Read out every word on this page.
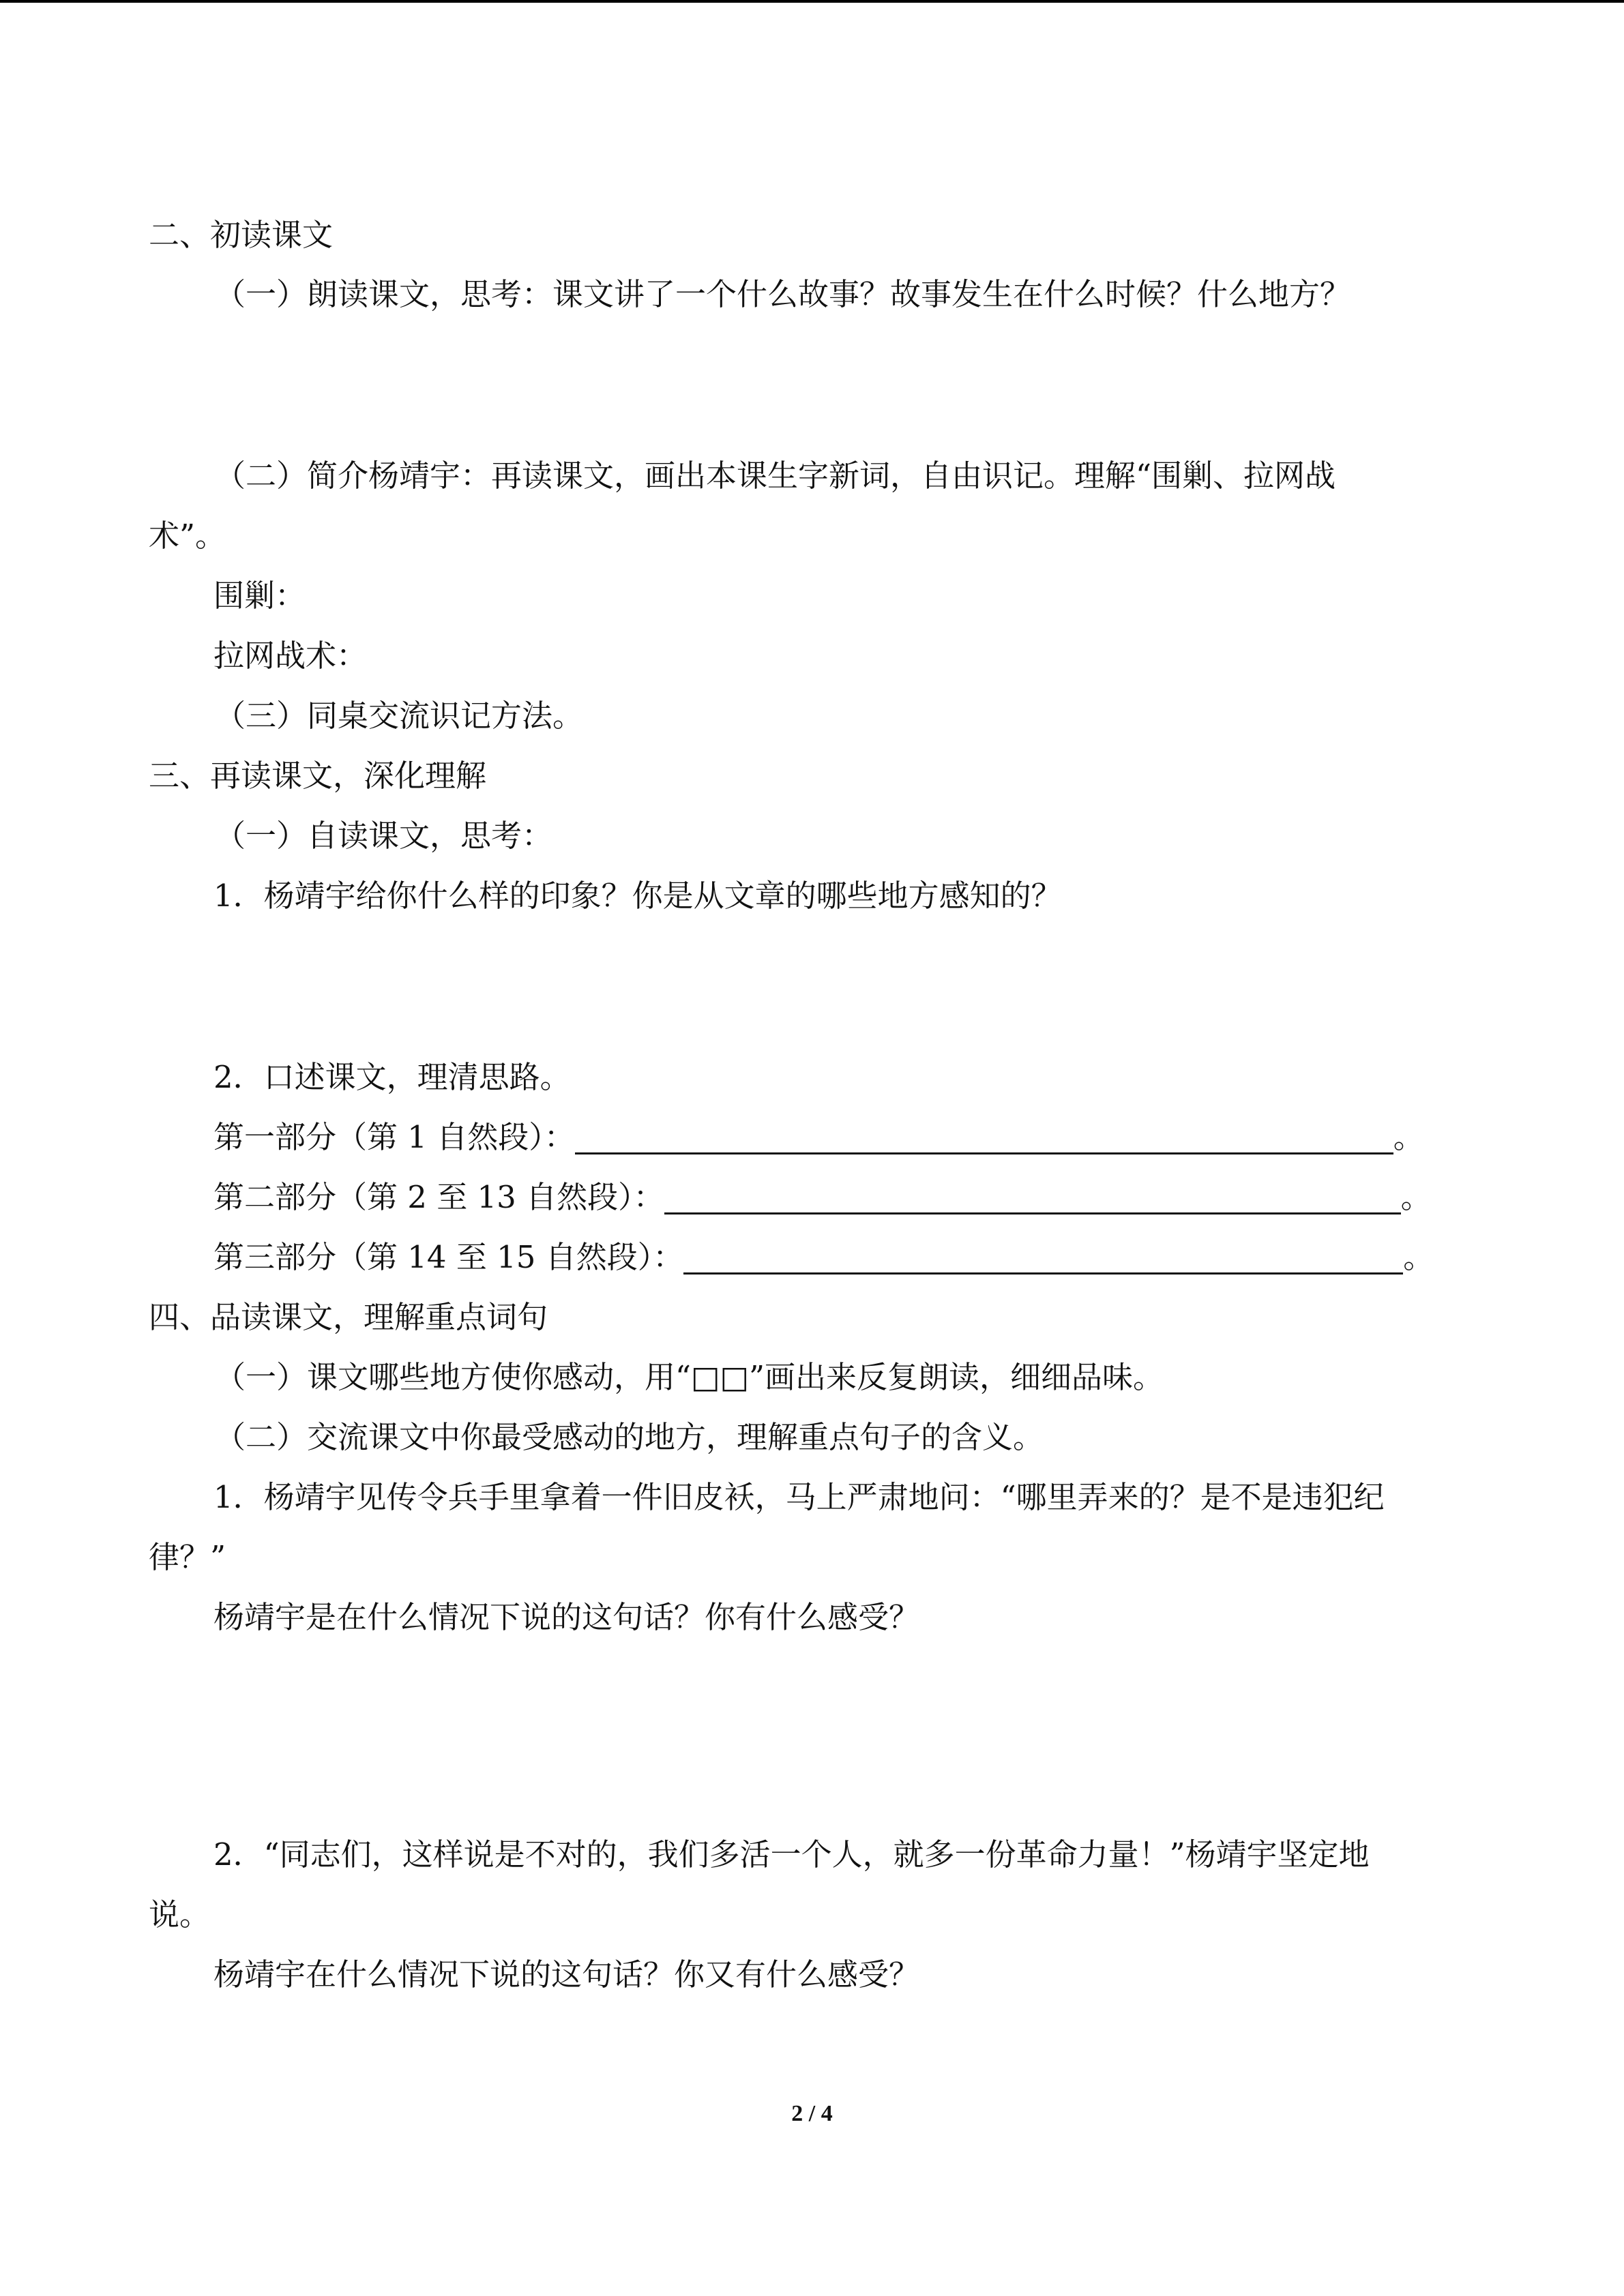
二、初读课文
（一）朗读课文，思考：课文讲了一个什么故事？故事发生在什么时候？什么地方？
（二）简介杨靖宇：再读课文，画出本课生字新词，自由识记。理解“围剿、拉网战
术”。
围剿：
拉网战术：
（三）同桌交流识记方法。
三、再读课文，深化理解
（一）自读课文，思考：
1．杨靖宇给你什么样的印象？你是从文章的哪些地方感知的？
2．口述课文，理清思路。
第一部分（第 1 自然段）：	。
第二部分（第 2 至 13 自然段）：	。
第三部分（第 14 至 15 自然段）：	。
四、品读课文，理解重点词句
（一）课文哪些地方使你感动，用“□□”画出来反复朗读，细细品味。
（二）交流课文中你最受感动的地方，理解重点句子的含义。
1．杨靖宇见传令兵手里拿着一件旧皮袄，马上严肃地问：“哪里弄来的？是不是违犯纪
律？”
杨靖宇是在什么情况下说的这句话？你有什么感受？
2．“同志们，这样说是不对的，我们多活一个人，就多一份革命力量！”杨靖宇坚定地
说。
杨靖宇在什么情况下说的这句话？你又有什么感受？
2 / 4
